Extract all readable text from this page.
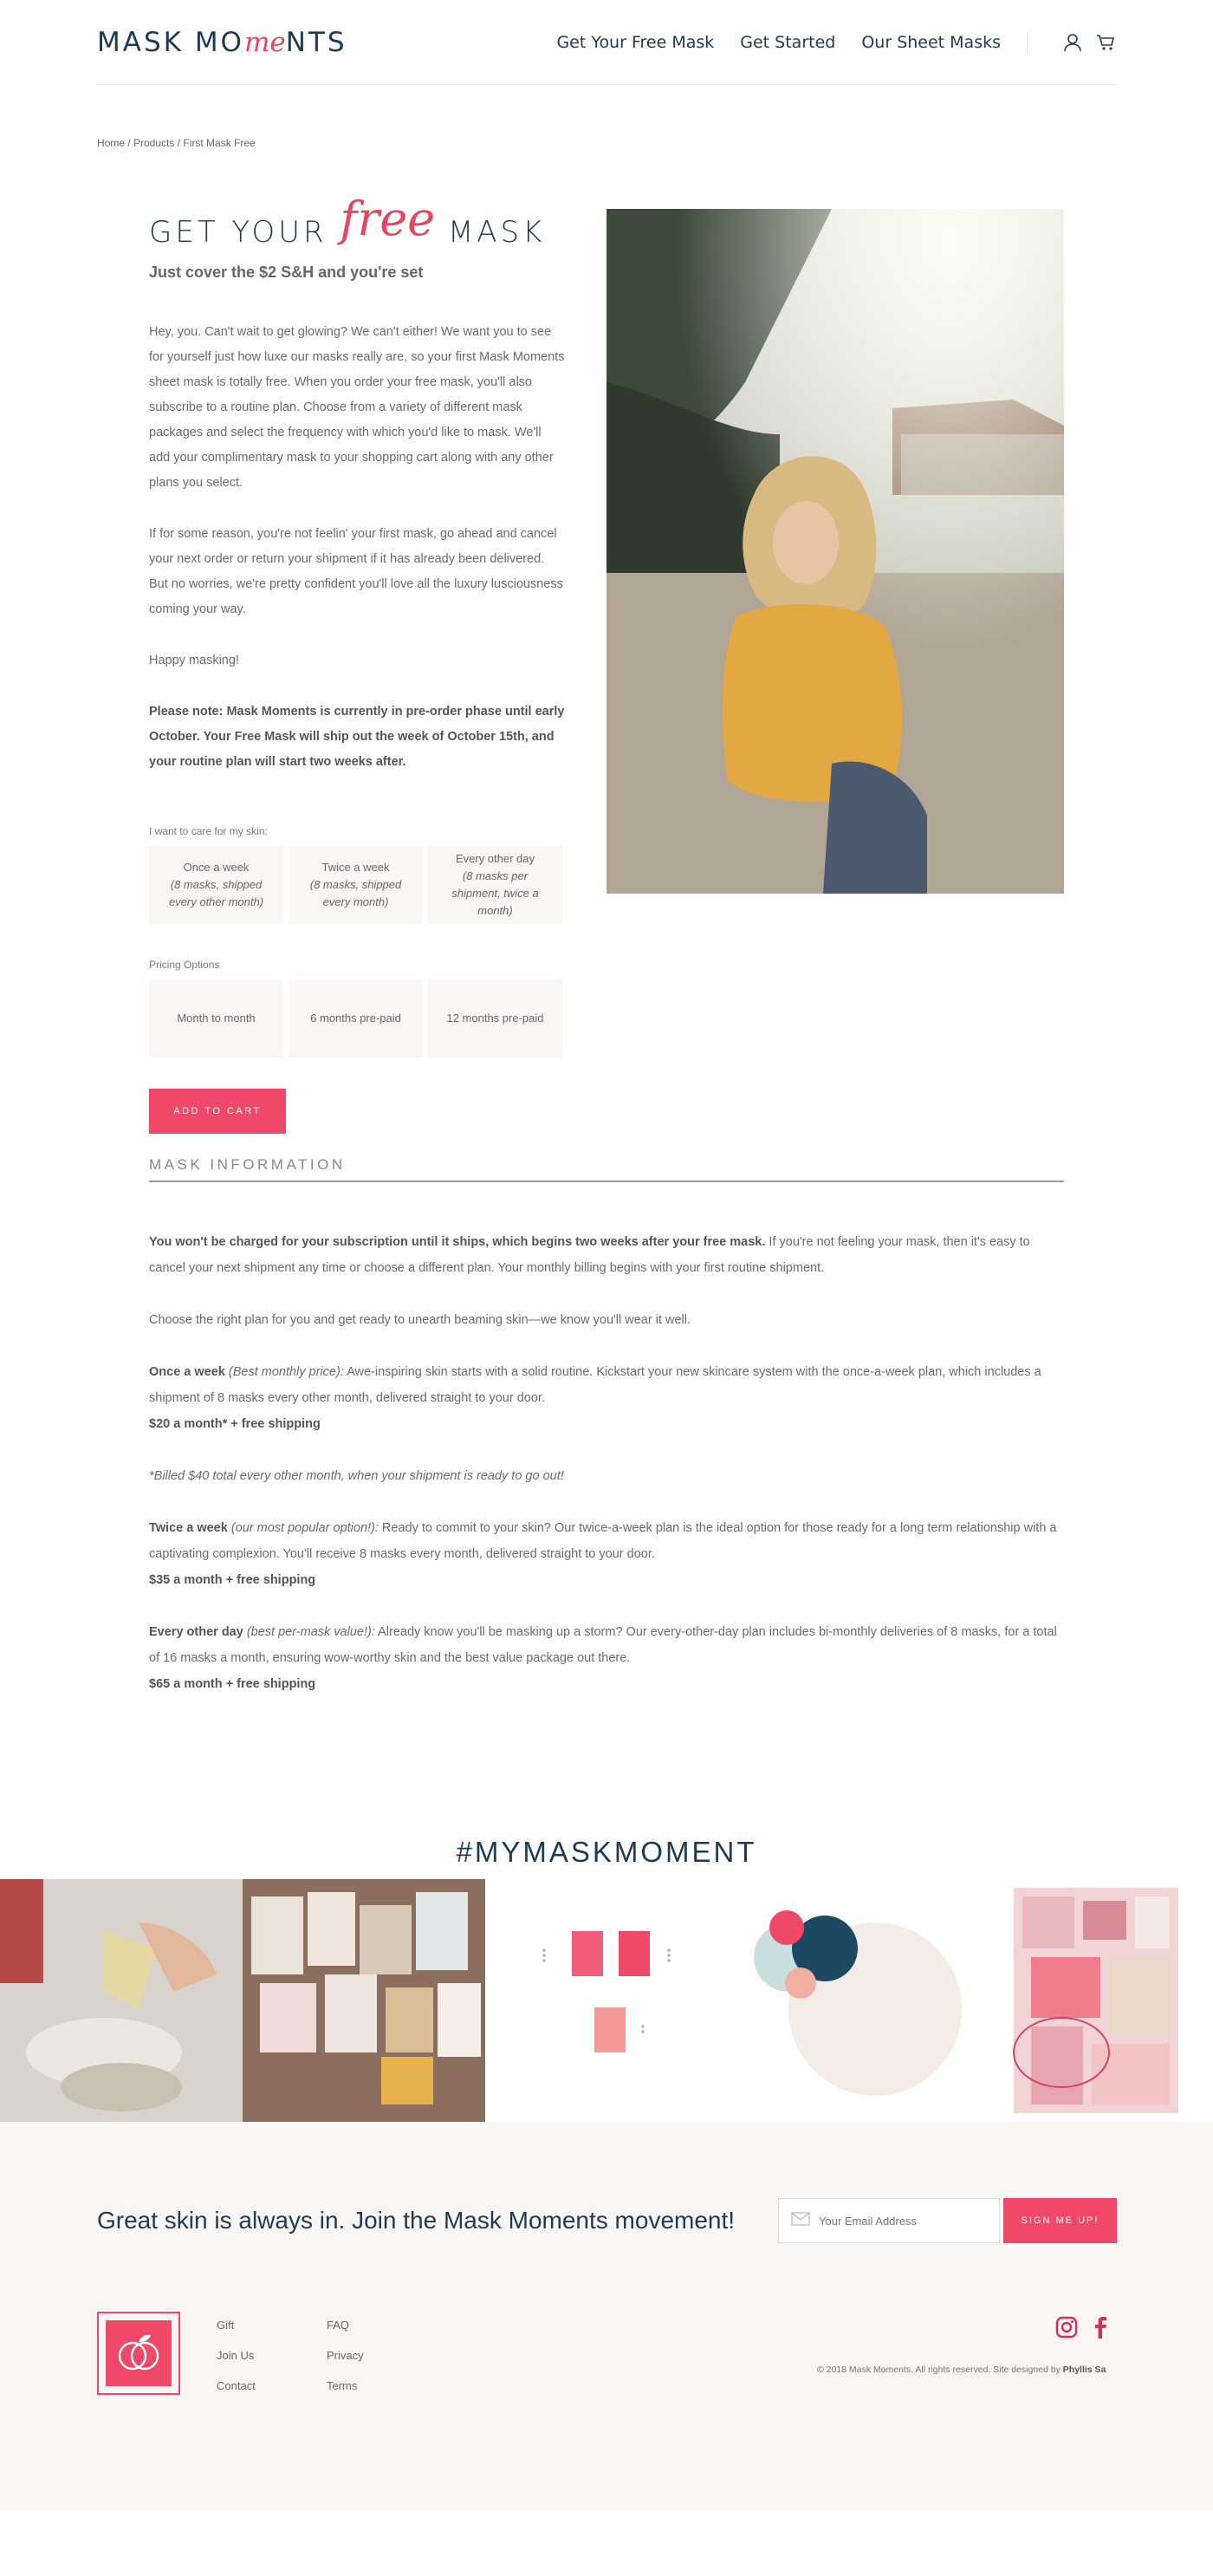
MASK MOmeNTS	Get Your Free Mask Get Started Our Sheet Masks
Home / Products / First Mask Free
GET YOUR free MASK
Just cover the $2 S&H and you're set
Hey, you. Can't wait to get glowing? We can't either! We want you to see for yourself just how luxe our masks really are, so your first Mask Moments sheet mask is totally free. When you order your free mask, you'll also subscribe to a routine plan. Choose from a variety of different mask packages and select the frequency with which you'd like to mask. We'll add your complimentary mask to your shopping cart along with any other plans you select.
If for some reason, you're not feelin' your first mask, go ahead and cancel your next order or return your shipment if it has already been delivered. But no worries, we're pretty confident you'll love all the luxury lusciousness coming your way.
Happy masking!
Please note: Mask Moments is currently in pre-order phase until early October. Your Free Mask will ship out the week of October 15th, and your routine plan will start two weeks after.
I want to care for my skin:
Once a week
(8 masks, shipped every other month)
Twice a week
(8 masks, shipped every month)
Every other day
(8 masks per shipment, twice a month)
Pricing Options
Month to month	6 months pre-paid	12 months pre-paid
ADD TO CART
MASK INFORMATION

You won't be charged for your subscription until it ships, which begins two weeks after your free mask. If you're not feeling your mask, then it's easy to cancel your next shipment any time or choose a different plan. Your monthly billing begins with your first routine shipment.

Choose the right plan for you and get ready to unearth beaming skin—we know you'll wear it well.

Once a week (Best monthly price): Awe-inspiring skin starts with a solid routine. Kickstart your new skincare system with the once-a-week plan, which includes a shipment of 8 masks every other month, delivered straight to your door.
$20 a month* + free shipping

*Billed $40 total every other month, when your shipment is ready to go out!

Twice a week (our most popular option!): Ready to commit to your skin? Our twice-a-week plan is the ideal option for those ready for a long term relationship with a captivating complexion. You'll receive 8 masks every month, delivered straight to your door.
$35 a month + free shipping

Every other day (best per-mask value!): Already know you'll be masking up a storm? Our every-other-day plan includes bi-monthly deliveries of 8 masks, for a total of 16 masks a month, ensuring wow-worthy skin and the best value package out there.
$65 a month + free shipping

#MYMASKMOMENT
Great skin is always in. Join the Mask Moments movement!
Your Email Address	SIGN ME UP!
Gift
Join Us
Contact
FAQ
Privacy
Terms
© 2018 Mask Moments. All rights reserved. Site designed by Phyllis Sa
